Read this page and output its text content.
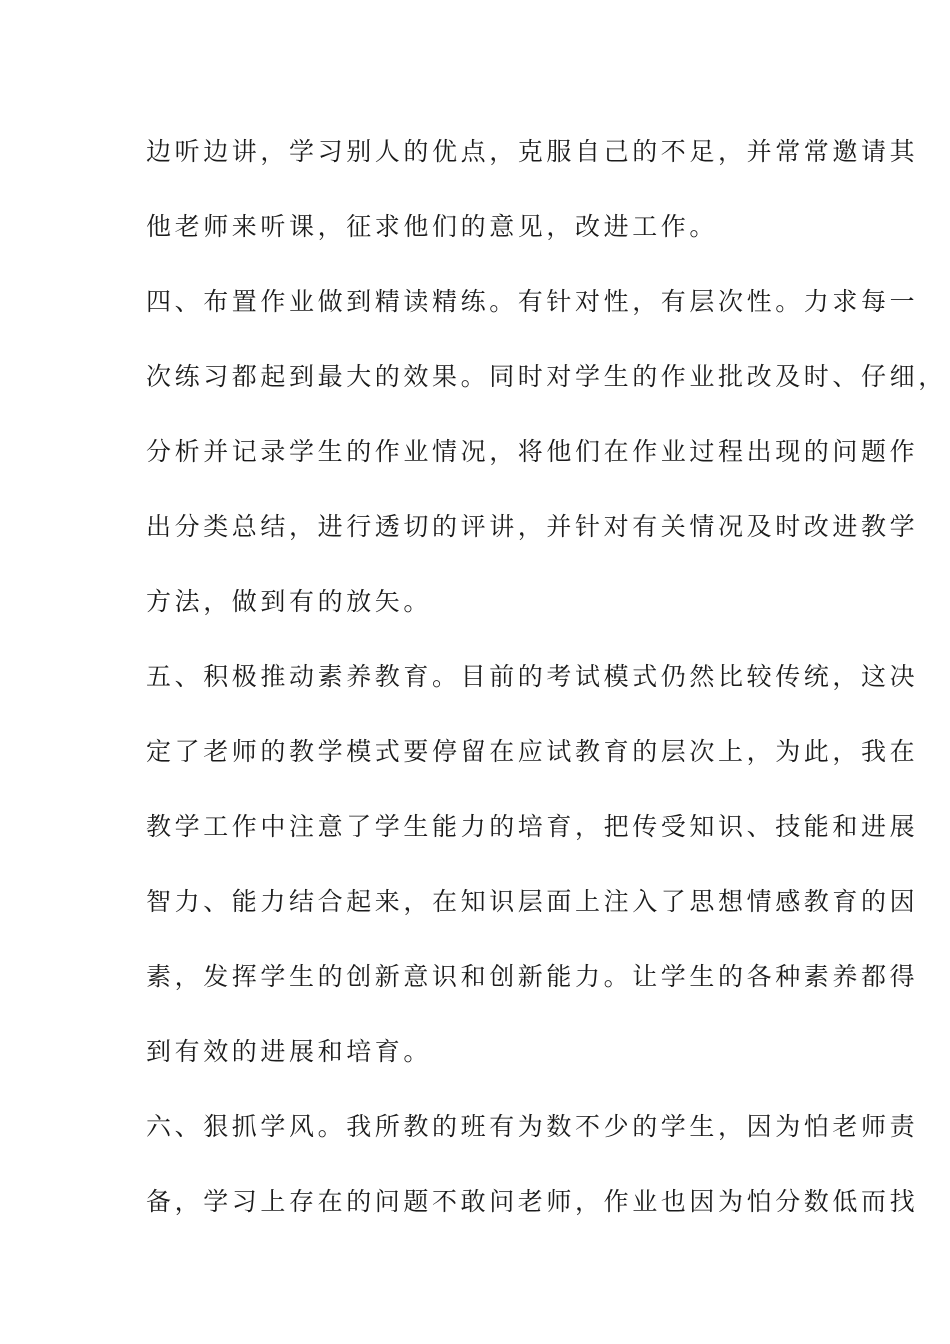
边听边讲，学习别人的优点，克服自己的不足，并常常邀请其
他老师来听课，征求他们的意见，改进工作。
四、布置作业做到精读精练。有针对性，有层次性。力求每一
次练习都起到最大的效果。同时对学生的作业批改及时、仔细，
分析并记录学生的作业情况，将他们在作业过程出现的问题作
出分类总结，进行透切的评讲，并针对有关情况及时改进教学
方法，做到有的放矢。
五、积极推动素养教育。目前的考试模式仍然比较传统，这决
定了老师的教学模式要停留在应试教育的层次上，为此，我在
教学工作中注意了学生能力的培育，把传受知识、技能和进展
智力、能力结合起来，在知识层面上注入了思想情感教育的因
素，发挥学生的创新意识和创新能力。让学生的各种素养都得
到有效的进展和培育。
六、狠抓学风。我所教的班有为数不少的学生，因为怕老师责
备，学习上存在的问题不敢问老师，作业也因为怕分数低而找
